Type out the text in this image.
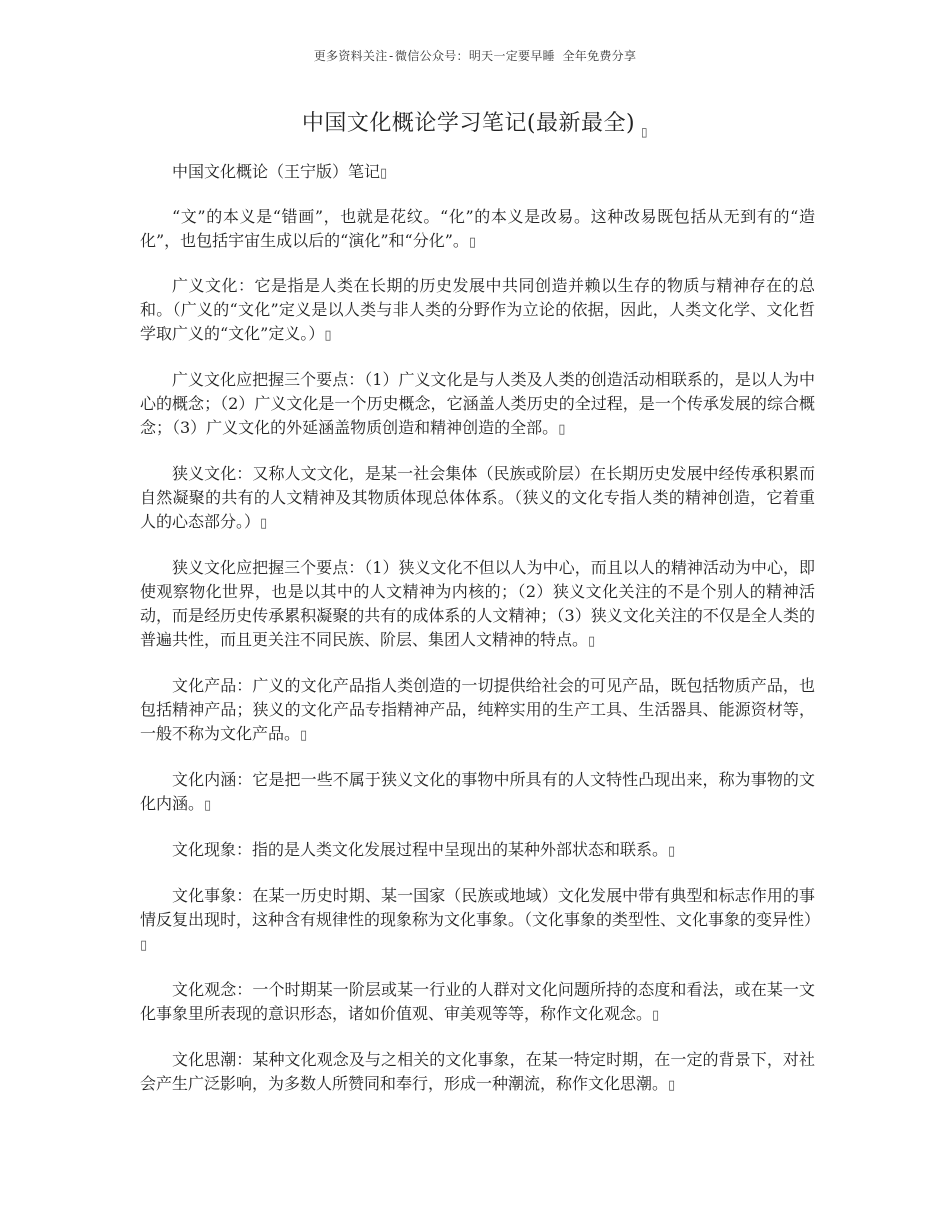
更多资料关注-微信公众号：明天一定要早睡 全年免费分享
中国文化概论学习笔记(最新最全) $_▯$

中国文化概论（王宁版）笔记▯

“文”的本义是“错画”，也就是花纹。“化”的本义是改易。这种改易既包括从无到有的“造化”，也包括宇宙生成以后的“演化”和“分化”。▯

广义文化：它是指是人类在长期的历史发展中共同创造并赖以生存的物质与精神存在的总和。（广义的“文化”定义是以人类与非人类的分野作为立论的依据，因此，人类文化学、文化哲学取广义的“文化”定义。）▯

广义文化应把握三个要点：（1）广义文化是与人类及人类的创造活动相联系的，是以人为中心的概念；（2）广义文化是一个历史概念，它涵盖人类历史的全过程，是一个传承发展的综合概念；（3）广义文化的外延涵盖物质创造和精神创造的全部。▯

狭义文化：又称人文文化，是某一社会集体（民族或阶层）在长期历史发展中经传承积累而自然凝聚的共有的人文精神及其物质体现总体体系。（狭义的文化专指人类的精神创造，它着重人的心态部分。）▯

狭义文化应把握三个要点：（1）狭义文化不但以人为中心，而且以人的精神活动为中心，即使观察物化世界，也是以其中的人文精神为内核的；（2）狭义文化关注的不是个别人的精神活动，而是经历史传承累积凝聚的共有的成体系的人文精神；（3）狭义文化关注的不仅是全人类的普遍共性，而且更关注不同民族、阶层、集团人文精神的特点。▯

文化产品：广义的文化产品指人类创造的一切提供给社会的可见产品，既包括物质产品，也包括精神产品；狭义的文化产品专指精神产品，纯粹实用的生产工具、生活器具、能源资材等，一般不称为文化产品。▯

文化内涵：它是把一些不属于狭义文化的事物中所具有的人文特性凸现出来，称为事物的文化内涵。▯

文化现象：指的是人类文化发展过程中呈现出的某种外部状态和联系。▯

文化事象：在某一历史时期、某一国家（民族或地域）文化发展中带有典型和标志作用的事情反复出现时，这种含有规律性的现象称为文化事象。（文化事象的类型性、文化事象的变异性）▯

文化观念：一个时期某一阶层或某一行业的人群对文化问题所持的态度和看法，或在某一文化事象里所表现的意识形态，诸如价值观、审美观等等，称作文化观念。▯

文化思潮：某种文化观念及与之相关的文化事象，在某一特定时期，在一定的背景下，对社会产生广泛影响，为多数人所赞同和奉行，形成一种潮流，称作文化思潮。▯
